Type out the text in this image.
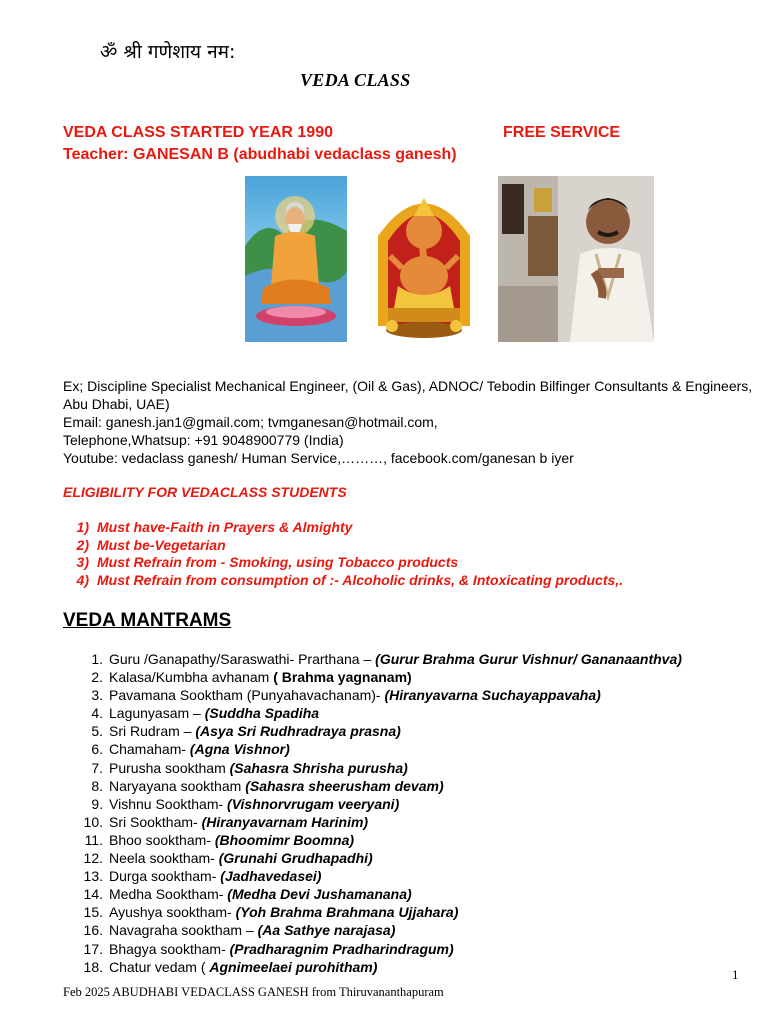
ॐ श्री गणेशाय नम:
VEDA CLASS
VEDA CLASS STARTED YEAR 1990	FREE SERVICE
Teacher: GANESAN B (abudhabi vedaclass ganesh)
Ex; Discipline Specialist Mechanical Engineer, (Oil & Gas), ADNOC/ Tebodin Bilfinger Consultants & Engineers, Abu Dhabi, UAE)
Email: ganesh.jan1@gmail.com; tvmganesan@hotmail.com,
Telephone,Whatsup: +91 9048900779 (India)
Youtube: vedaclass ganesh/ Human Service,………, facebook.com/ganesan b iyer
ELIGIBILITY FOR VEDACLASS STUDENTS
1) Must have-Faith in Prayers & Almighty
2) Must be-Vegetarian
3) Must Refrain from - Smoking, using Tobacco products
4) Must Refrain from consumption of :- Alcoholic drinks, & Intoxicating products,.
VEDA MANTRAMS
1. Guru /Ganapathy/Saraswathi- Prarthana – (Gurur Brahma Gurur Vishnur/ Gananaanthva)
2. Kalasa/Kumbha avhanam ( Brahma yagnanam)
3. Pavamana Sooktham (Punyahavachanam)- (Hiranyavarna Suchayappavaha)
4. Lagunyasam – (Suddha Spadiha
5. Sri Rudram – (Asya Sri Rudhradraya prasna)
6. Chamaham- (Agna Vishnor)
7. Purusha sooktham (Sahasra Shrisha purusha)
8. Naryayana sooktham (Sahasra sheerusham devam)
9. Vishnu Sooktham- (Vishnorvrugam veeryani)
10. Sri Sooktham- (Hiranyavarnam Harinim)
11. Bhoo sooktham- (Bhoomimr Boomna)
12. Neela sooktham- (Grunahi Grudhapadhi)
13. Durga sooktham- (Jadhavedasei)
14. Medha Sooktham- (Medha Devi Jushamanana)
15. Ayushya sooktham- (Yoh Brahma Brahmana Ujjahara)
16. Navagraha sooktham – (Aa Sathye narajasa)
17. Bhagya sooktham- (Pradharagnim Pradharindragum)
18. Chatur vedam ( Agnimeelaei purohitham)	1
Feb 2025 ABUDHABI VEDACLASS GANESH from Thiruvananthapuram
